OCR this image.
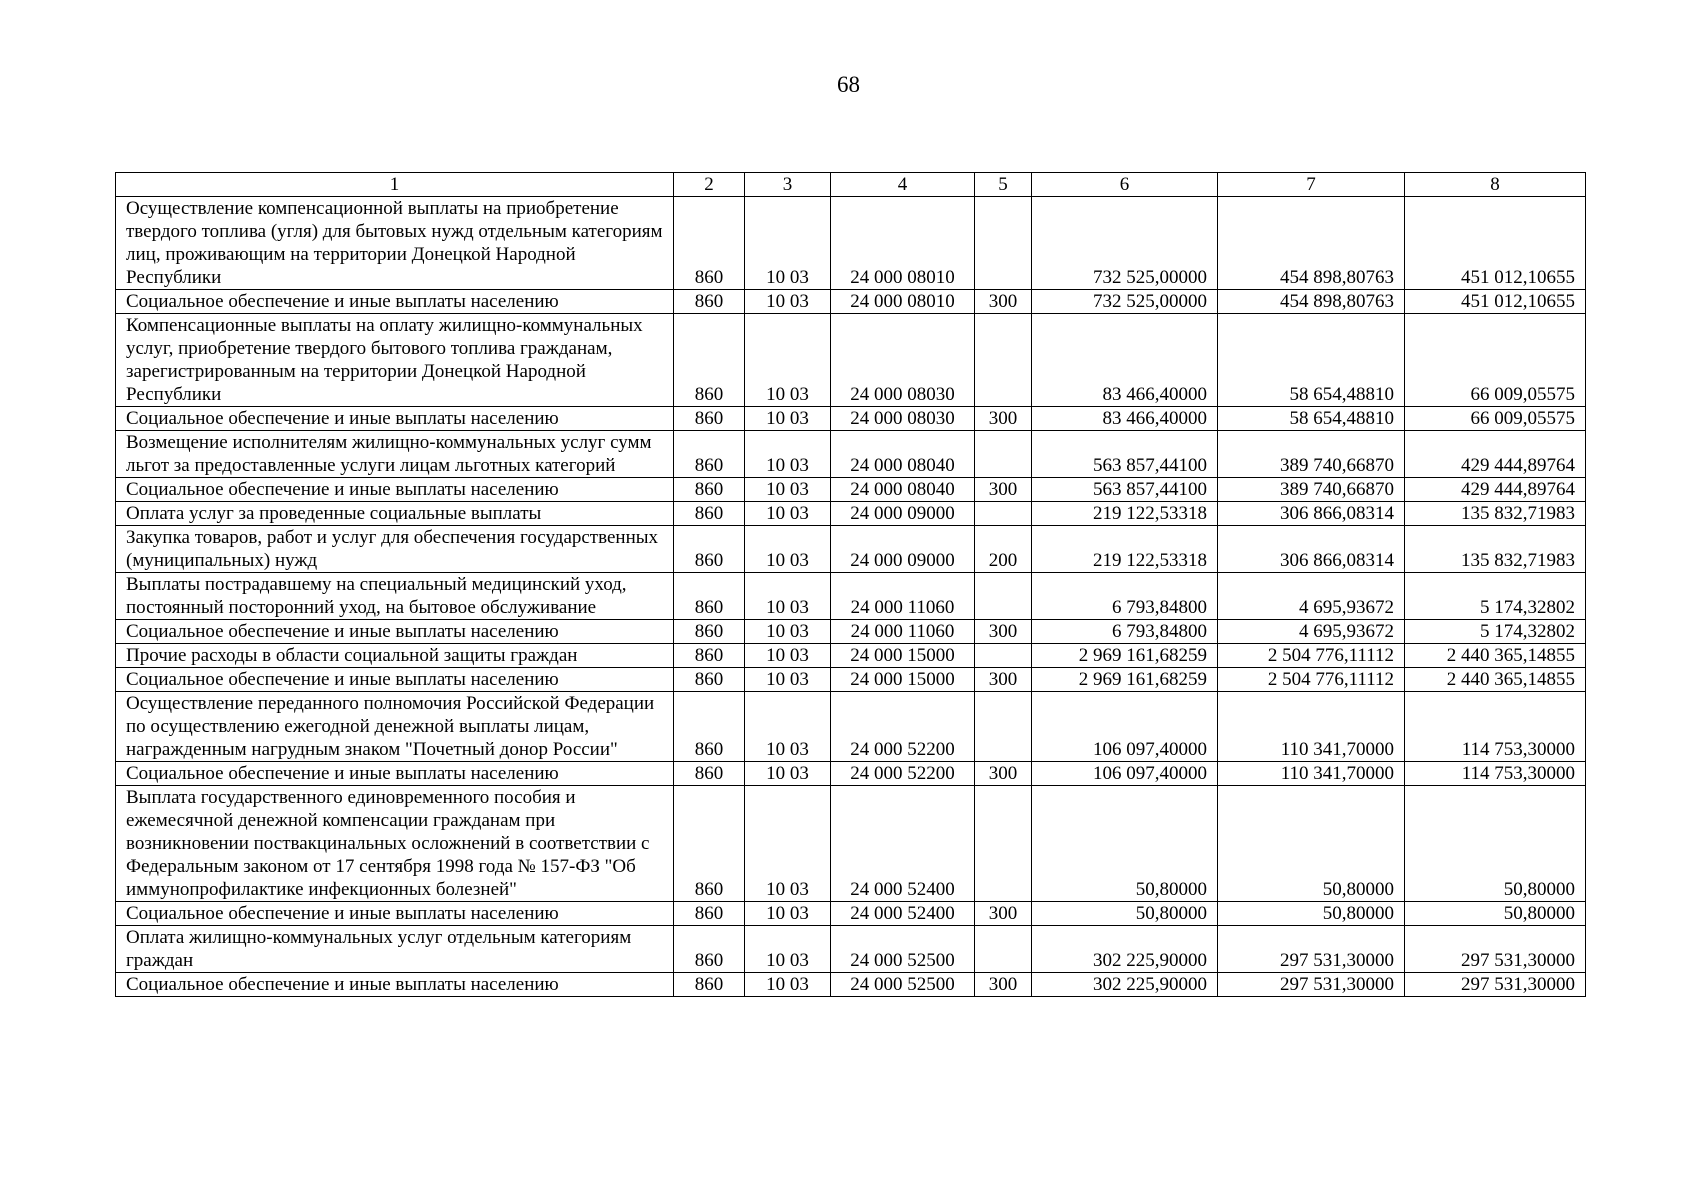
68
1	2	3	4	5	6	7	8
Осуществление компенсационной выплаты на приобретение твердого топлива (угля) для бытовых нужд отдельным категориям лиц, проживающим на территории Донецкой Народной Республики	860	10 03	24 000 08010		732 525,00000	454 898,80763	451 012,10655
Социальное обеспечение и иные выплаты населению	860	10 03	24 000 08010	300	732 525,00000	454 898,80763	451 012,10655
Компенсационные выплаты на оплату жилищно-коммунальных услуг, приобретение твердого бытового топлива гражданам, зарегистрированным на территории Донецкой Народной Республики	860	10 03	24 000 08030		83 466,40000	58 654,48810	66 009,05575
Социальное обеспечение и иные выплаты населению	860	10 03	24 000 08030	300	83 466,40000	58 654,48810	66 009,05575
Возмещение исполнителям жилищно-коммунальных услуг сумм льгот за предоставленные услуги лицам льготных категорий	860	10 03	24 000 08040		563 857,44100	389 740,66870	429 444,89764
Социальное обеспечение и иные выплаты населению	860	10 03	24 000 08040	300	563 857,44100	389 740,66870	429 444,89764
Оплата услуг за проведенные социальные выплаты	860	10 03	24 000 09000		219 122,53318	306 866,08314	135 832,71983
Закупка товаров, работ и услуг для обеспечения государственных (муниципальных) нужд	860	10 03	24 000 09000	200	219 122,53318	306 866,08314	135 832,71983
Выплаты пострадавшему на специальный медицинский уход, постоянный посторонний уход, на бытовое обслуживание	860	10 03	24 000 11060		6 793,84800	4 695,93672	5 174,32802
Социальное обеспечение и иные выплаты населению	860	10 03	24 000 11060	300	6 793,84800	4 695,93672	5 174,32802
Прочие расходы в области социальной защиты граждан	860	10 03	24 000 15000		2 969 161,68259	2 504 776,11112	2 440 365,14855
Социальное обеспечение и иные выплаты населению	860	10 03	24 000 15000	300	2 969 161,68259	2 504 776,11112	2 440 365,14855
Осуществление переданного полномочия Российской Федерации по осуществлению ежегодной денежной выплаты лицам, награжденным нагрудным знаком "Почетный донор России"	860	10 03	24 000 52200		106 097,40000	110 341,70000	114 753,30000
Социальное обеспечение и иные выплаты населению	860	10 03	24 000 52200	300	106 097,40000	110 341,70000	114 753,30000
Выплата государственного единовременного пособия и ежемесячной денежной компенсации гражданам при возникновении поствакцинальных осложнений в соответствии с Федеральным законом от 17 сентября 1998 года № 157-ФЗ "Об иммунопрофилактике инфекционных болезней"	860	10 03	24 000 52400		50,80000	50,80000	50,80000
Социальное обеспечение и иные выплаты населению	860	10 03	24 000 52400	300	50,80000	50,80000	50,80000
Оплата жилищно-коммунальных услуг отдельным категориям граждан	860	10 03	24 000 52500		302 225,90000	297 531,30000	297 531,30000
Социальное обеспечение и иные выплаты населению	860	10 03	24 000 52500	300	302 225,90000	297 531,30000	297 531,30000
